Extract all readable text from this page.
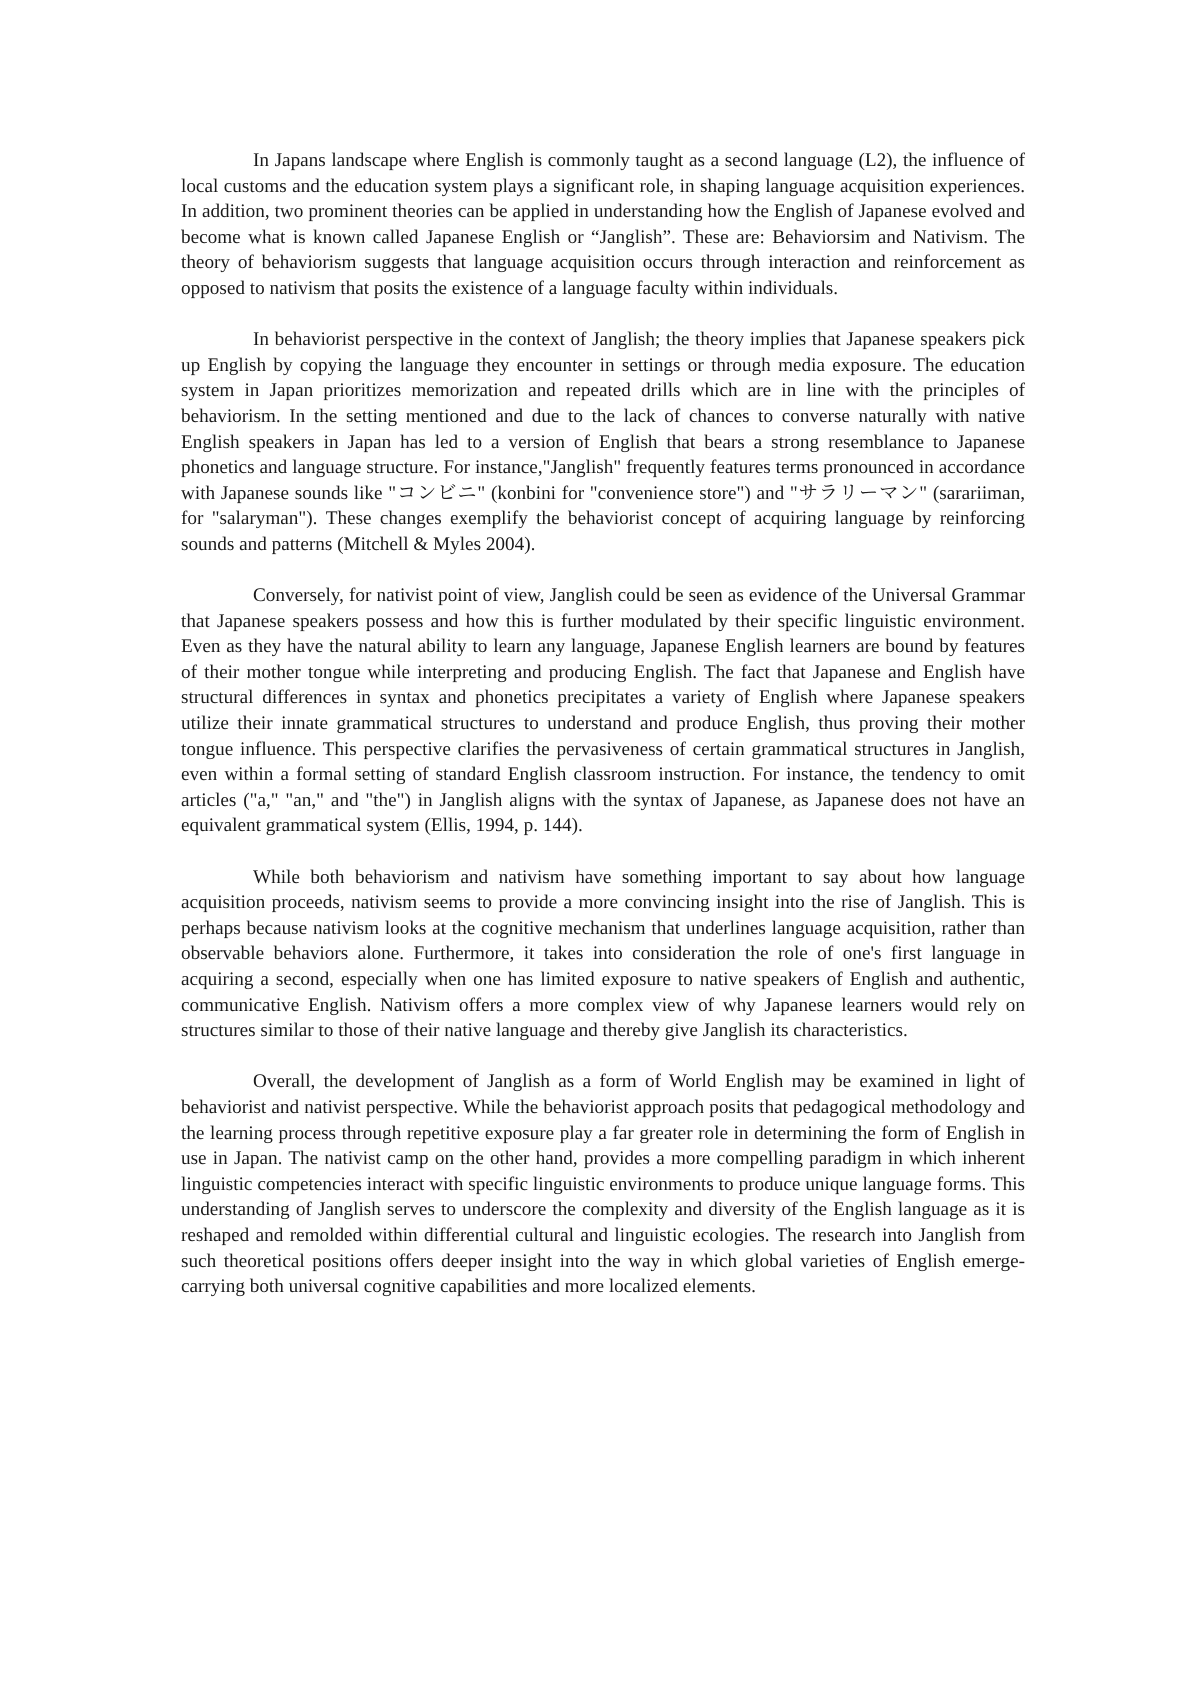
In Japans landscape where English is commonly taught as a second language (L2), the influence of local customs and the education system plays a significant role, in shaping language acquisition experiences. In addition, two prominent theories can be applied in understanding how the English of Japanese evolved and become what is known called Japanese English or “Janglish”. These are: Behaviorsim and Nativism. The theory of behaviorism suggests that language acquisition occurs through interaction and reinforcement as opposed to nativism that posits the existence of a language faculty within individuals.

In behaviorist perspective in the context of Janglish; the theory implies that Japanese speakers pick up English by copying the language they encounter in settings or through media exposure. The education system in Japan prioritizes memorization and repeated drills which are in line with the principles of behaviorism. In the setting mentioned and due to the lack of chances to converse naturally with native English speakers in Japan has led to a version of English that bears a strong resemblance to Japanese phonetics and language structure. For instance,"Janglish" frequently features terms pronounced in accordance with Japanese sounds like "コンビニ" (konbini for "convenience store") and "サラリーマン" (sarariiman, for "salaryman"). These changes exemplify the behaviorist concept of acquiring language by reinforcing sounds and patterns (Mitchell & Myles 2004).

Conversely, for nativist point of view, Janglish could be seen as evidence of the Universal Grammar that Japanese speakers possess and how this is further modulated by their specific linguistic environment. Even as they have the natural ability to learn any language, Japanese English learners are bound by features of their mother tongue while interpreting and producing English. The fact that Japanese and English have structural differences in syntax and phonetics precipitates a variety of English where Japanese speakers utilize their innate grammatical structures to understand and produce English, thus proving their mother tongue influence. This perspective clarifies the pervasiveness of certain grammatical structures in Janglish, even within a formal setting of standard English classroom instruction. For instance, the tendency to omit articles ("a," "an," and "the") in Janglish aligns with the syntax of Japanese, as Japanese does not have an equivalent grammatical system (Ellis, 1994, p. 144).

While both behaviorism and nativism have something important to say about how language acquisition proceeds, nativism seems to provide a more convincing insight into the rise of Janglish. This is perhaps because nativism looks at the cognitive mechanism that underlines language acquisition, rather than observable behaviors alone. Furthermore, it takes into consideration the role of one's first language in acquiring a second, especially when one has limited exposure to native speakers of English and authentic, communicative English. Nativism offers a more complex view of why Japanese learners would rely on structures similar to those of their native language and thereby give Janglish its characteristics.

Overall, the development of Janglish as a form of World English may be examined in light of behaviorist and nativist perspective. While the behaviorist approach posits that pedagogical methodology and the learning process through repetitive exposure play a far greater role in determining the form of English in use in Japan. The nativist camp on the other hand, provides a more compelling paradigm in which inherent linguistic competencies interact with specific linguistic environments to produce unique language forms. This understanding of Janglish serves to underscore the complexity and diversity of the English language as it is reshaped and remolded within differential cultural and linguistic ecologies. The research into Janglish from such theoretical positions offers deeper insight into the way in which global varieties of English emerge-carrying both universal cognitive capabilities and more localized elements.
